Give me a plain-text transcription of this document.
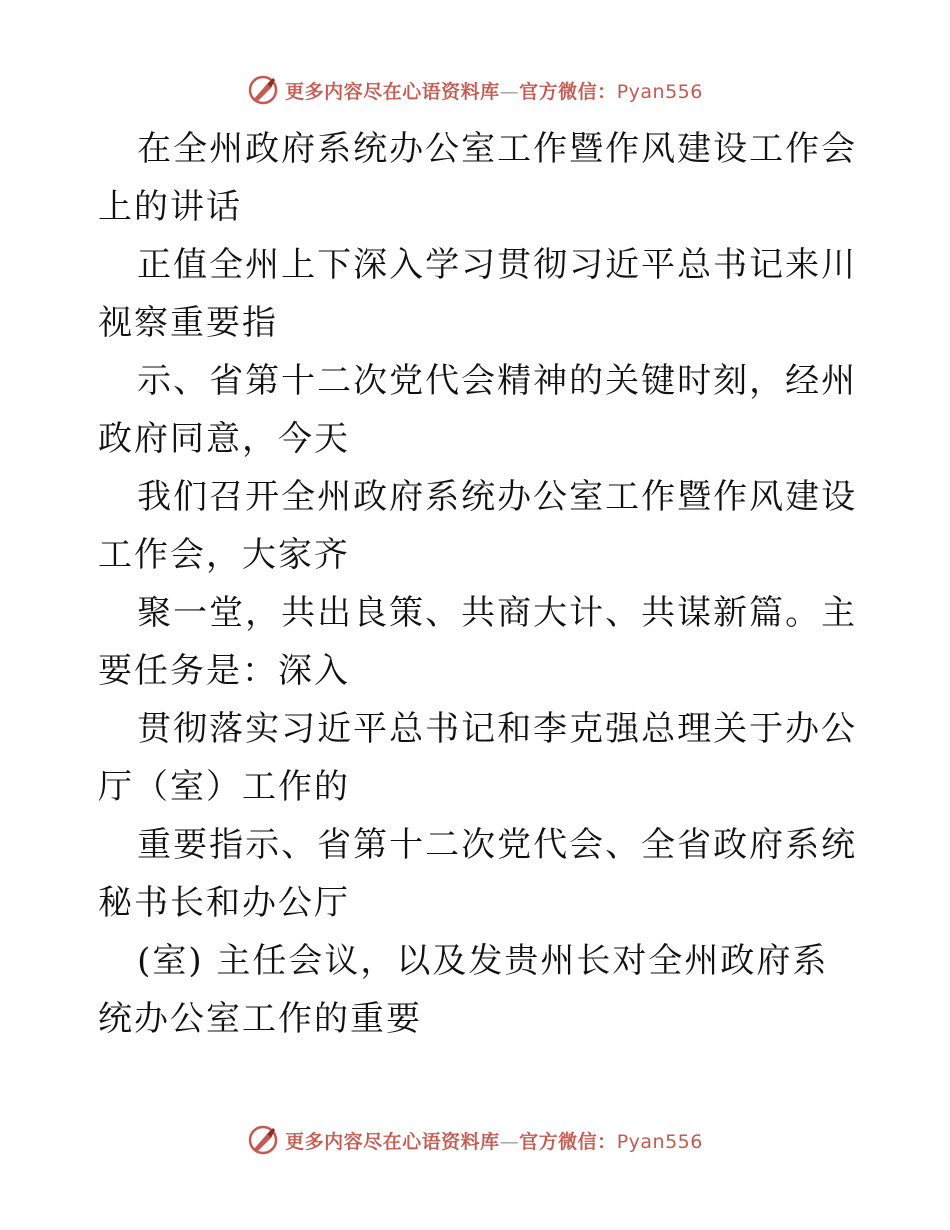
更多内容尽在心语资料库—官方微信：Pyan556

在全州政府系统办公室工作暨作风建设工作会上的讲话

正值全州上下深入学习贯彻习近平总书记来川视察重要指

示、省第十二次党代会精神的关键时刻，经州政府同意，今天

我们召开全州政府系统办公室工作暨作风建设工作会，大家齐

聚一堂，共出良策、共商大计、共谋新篇。主要任务是：深入

贯彻落实习近平总书记和李克强总理关于办公厅（室）工作的

重要指示、省第十二次党代会、全省政府系统秘书长和办公厅

(室) 主任会议，以及发贵州长对全州政府系统办公室工作的重要

更多内容尽在心语资料库—官方微信：Pyan556
